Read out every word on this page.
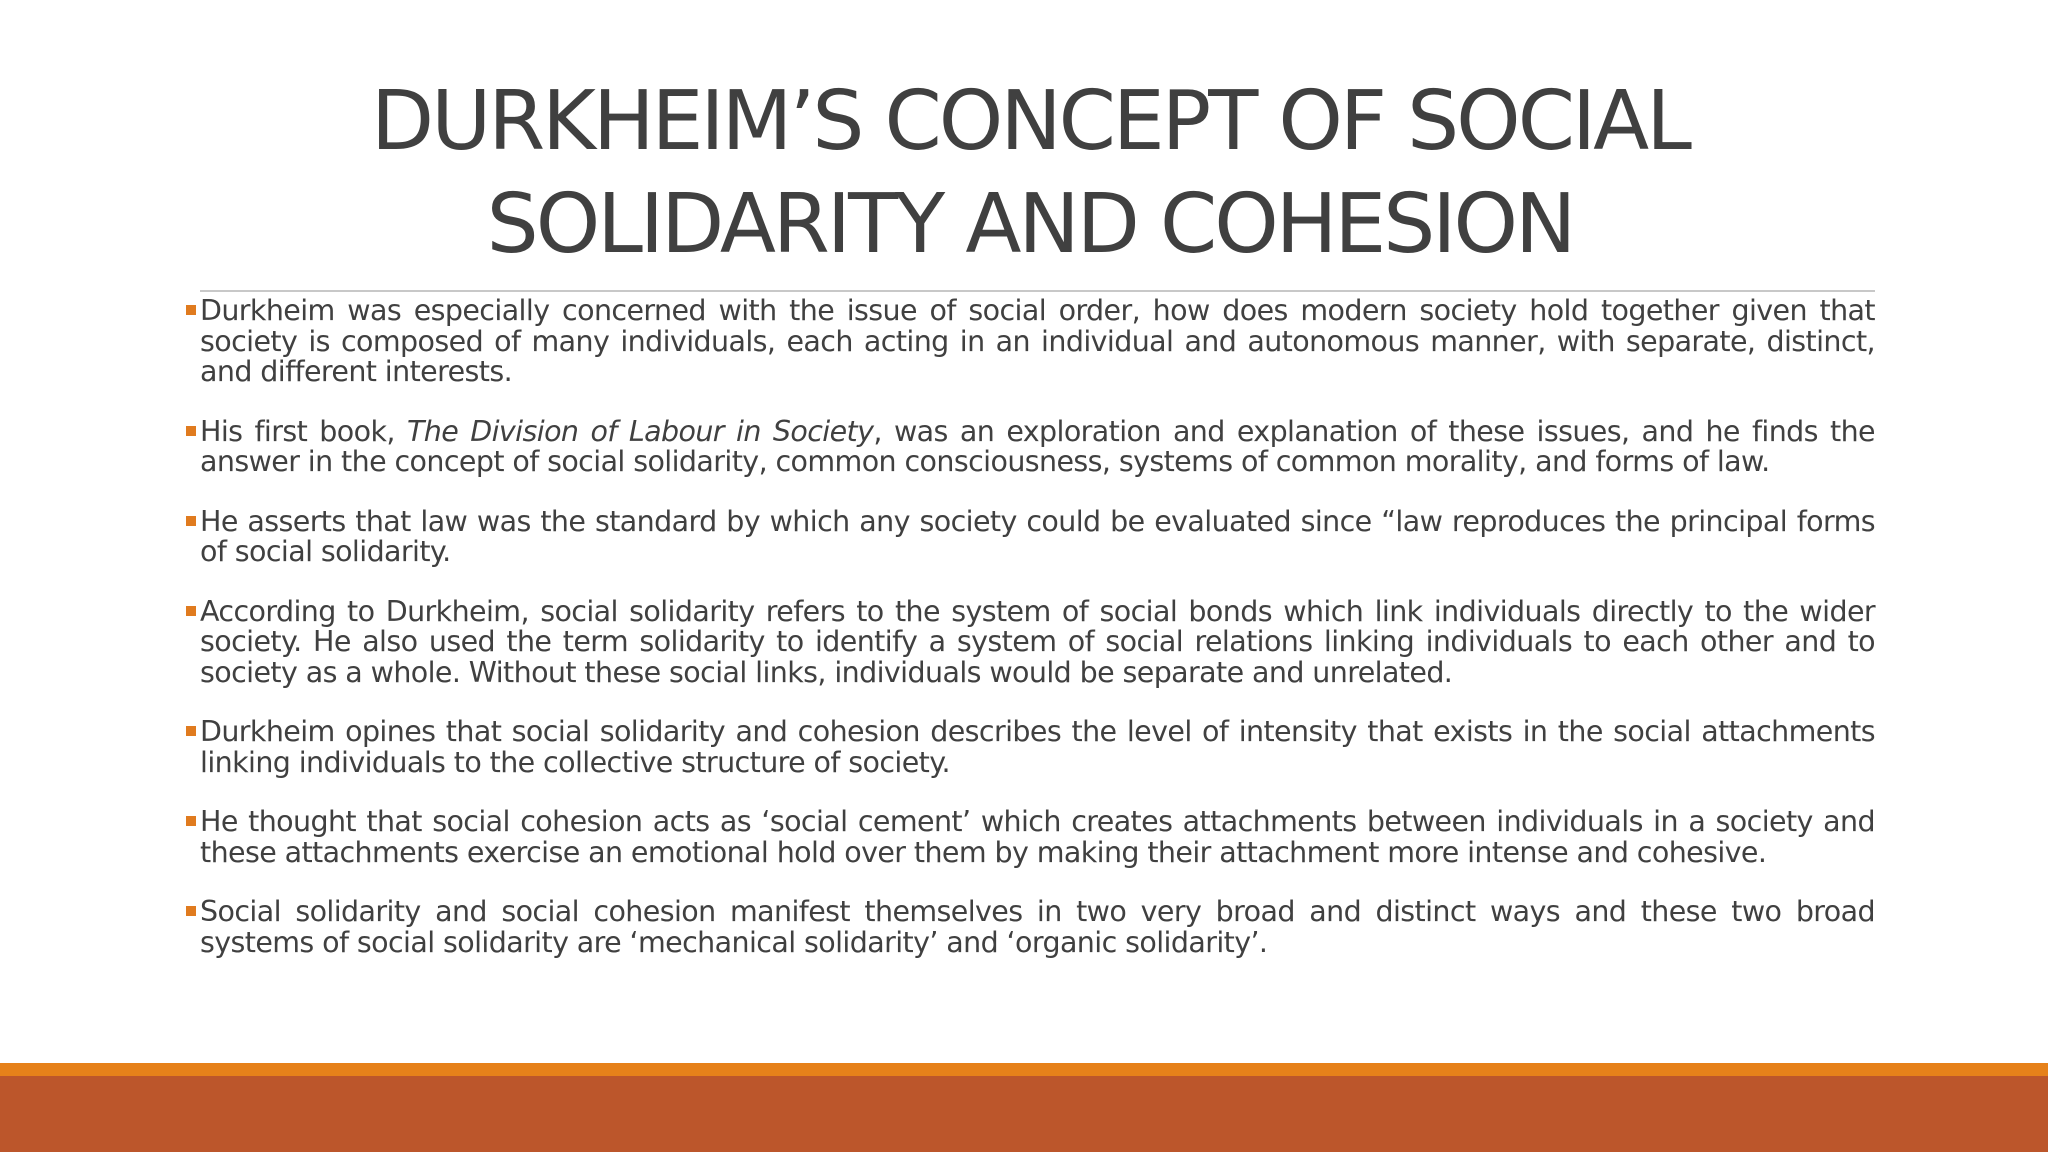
DURKHEIM’S CONCEPT OF SOCIAL
SOLIDARITY AND COHESION

Durkheim was especially concerned with the issue of social order, how does modern society hold together given that society is composed of many individuals, each acting in an individual and autonomous manner, with separate, distinct, and different interests.

His first book, The Division of Labour in Society, was an exploration and explanation of these issues, and he finds the answer in the concept of social solidarity, common consciousness, systems of common morality, and forms of law.

He asserts that law was the standard by which any society could be evaluated since “law reproduces the principal forms of social solidarity.

According to Durkheim, social solidarity refers to the system of social bonds which link individuals directly to the wider society. He also used the term solidarity to identify a system of social relations linking individuals to each other and to society as a whole. Without these social links, individuals would be separate and unrelated.

Durkheim opines that social solidarity and cohesion describes the level of intensity that exists in the social attachments linking individuals to the collective structure of society.

He thought that social cohesion acts as ‘social cement’ which creates attachments between individuals in a society and these attachments exercise an emotional hold over them by making their attachment more intense and cohesive.

Social solidarity and social cohesion manifest themselves in two very broad and distinct ways and these two broad systems of social solidarity are ‘mechanical solidarity’ and ‘organic solidarity’.
